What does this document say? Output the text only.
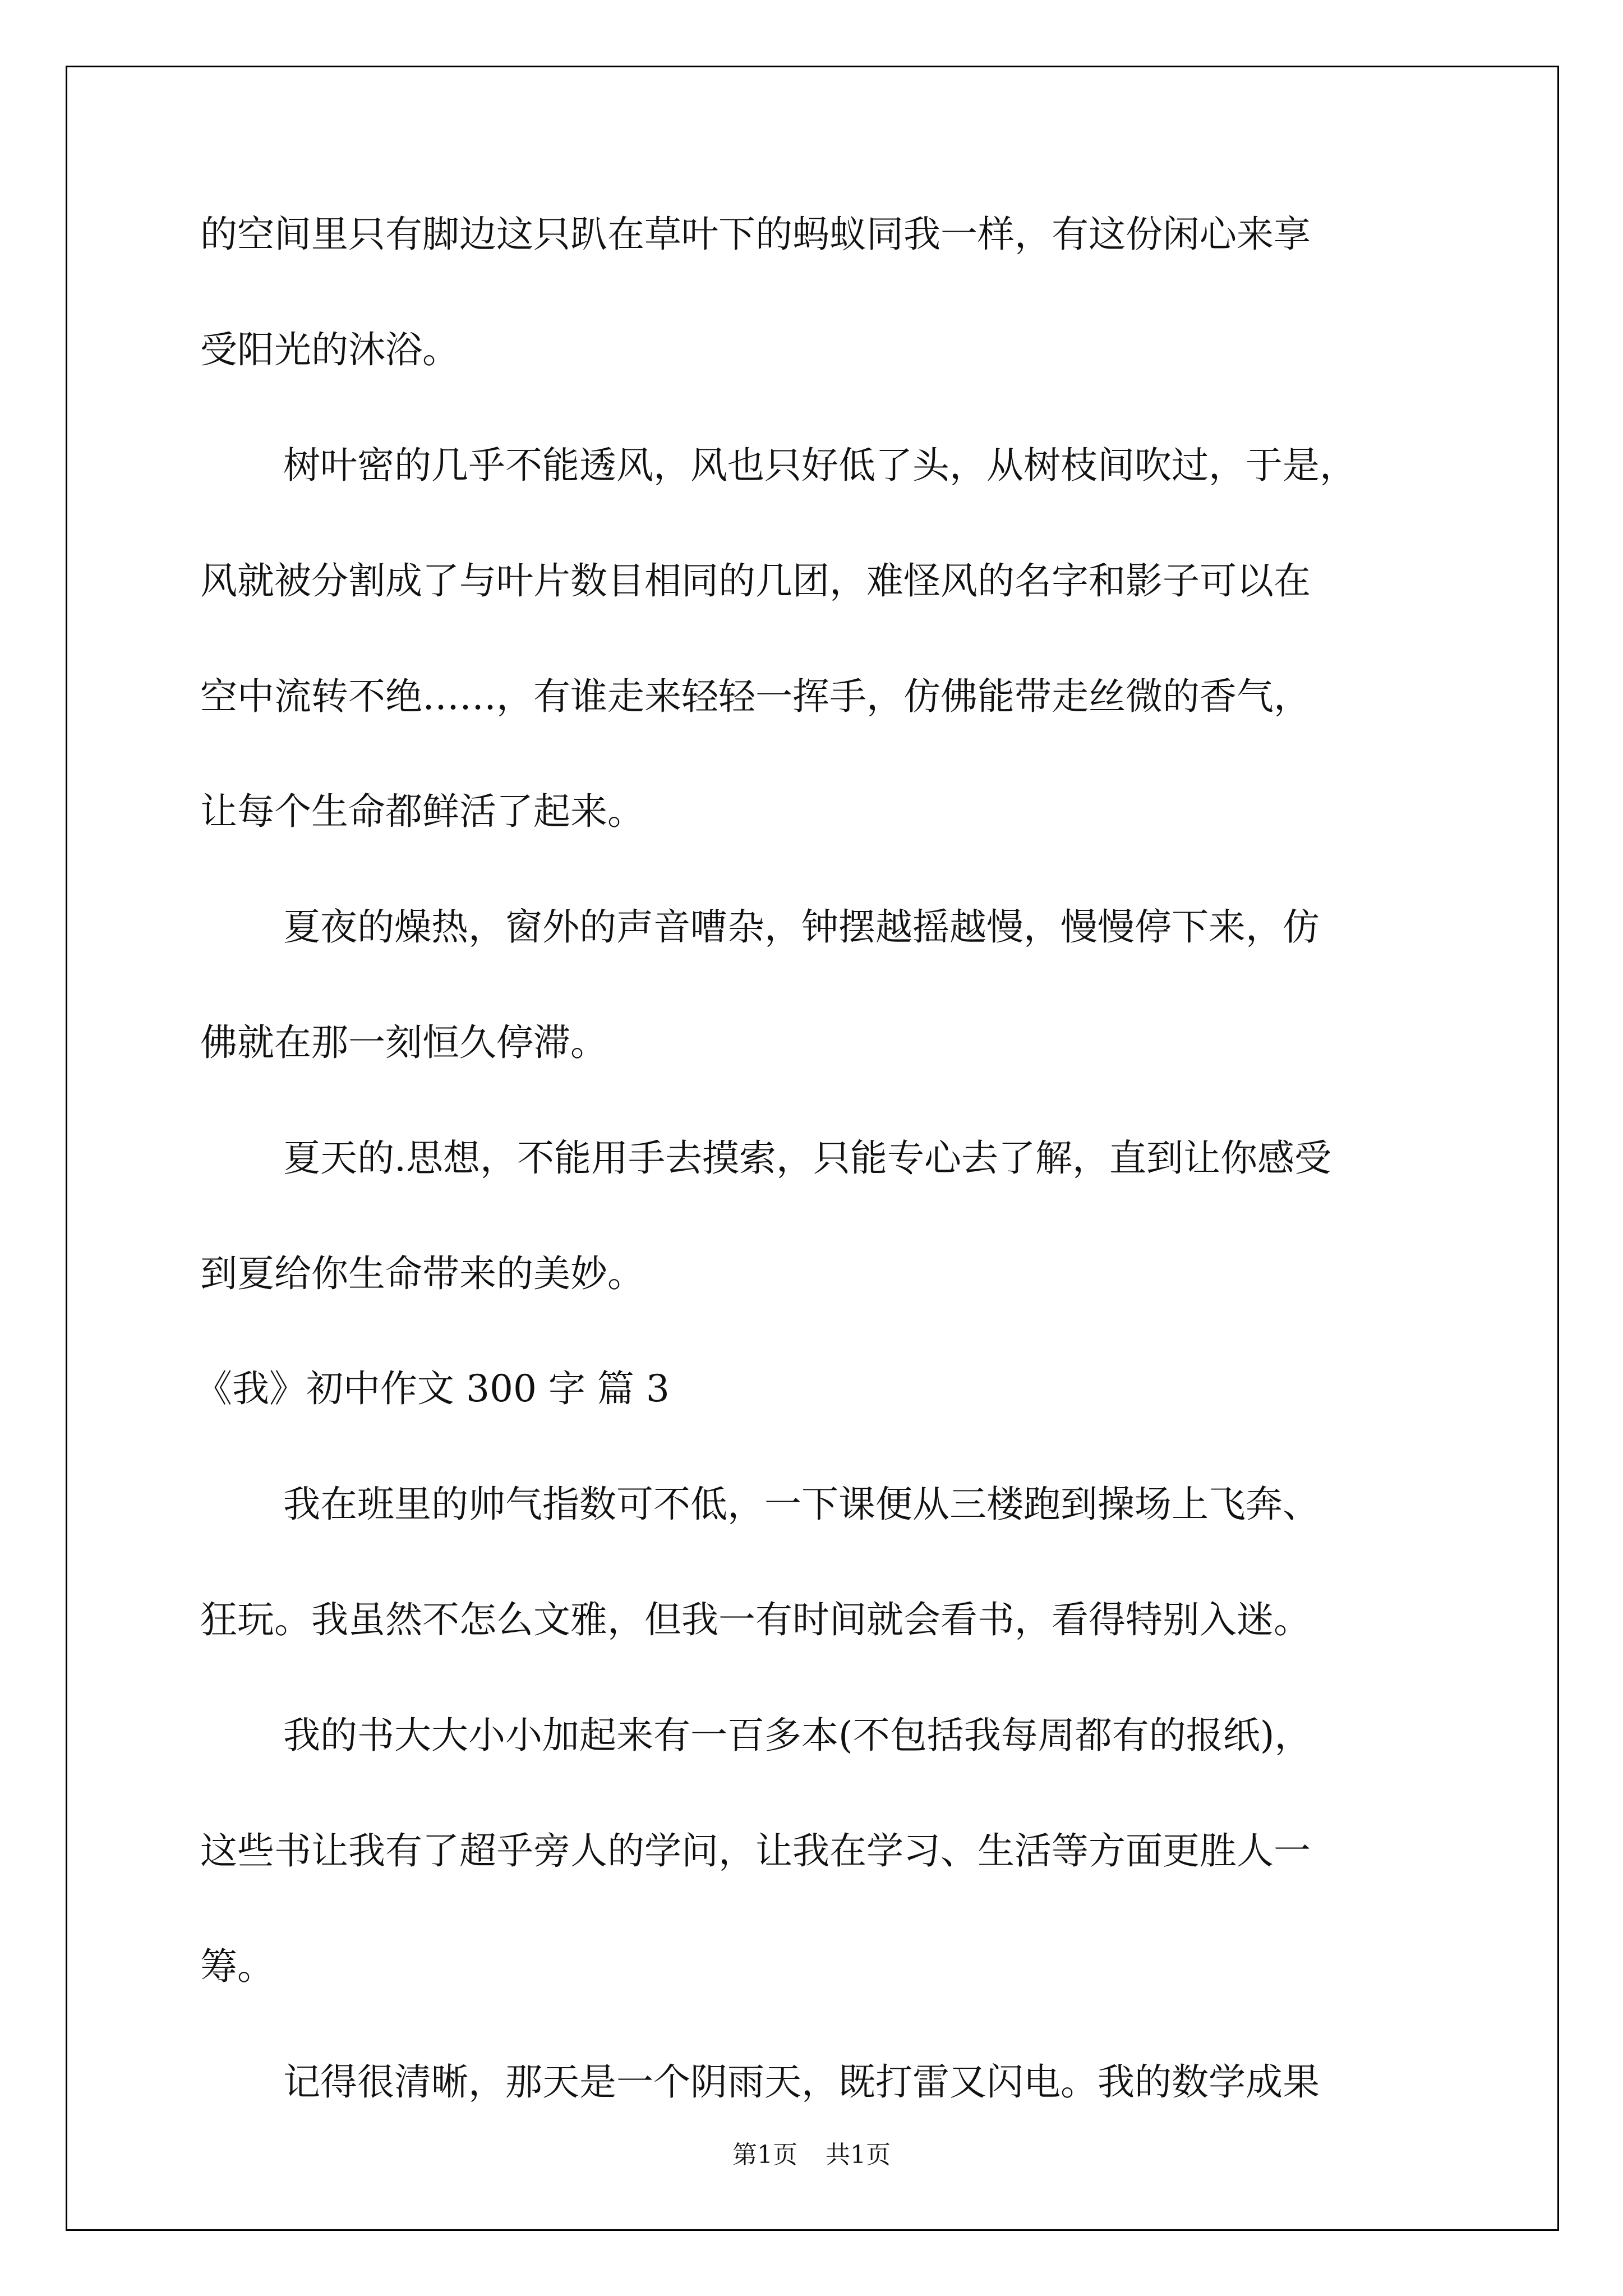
的空间里只有脚边这只趴在草叶下的蚂蚁同我一样，有这份闲心来享
受阳光的沐浴。
树叶密的几乎不能透风，风也只好低了头，从树枝间吹过，于是，
风就被分割成了与叶片数目相同的几团，难怪风的名字和影子可以在
空中流转不绝……，有谁走来轻轻一挥手，仿佛能带走丝微的香气，
让每个生命都鲜活了起来。
夏夜的燥热，窗外的声音嘈杂，钟摆越摇越慢，慢慢停下来，仿
佛就在那一刻恒久停滞。
夏天的.思想，不能用手去摸索，只能专心去了解，直到让你感受
到夏给你生命带来的美妙。
《我》初中作文 300 字 篇 3
我在班里的帅气指数可不低，一下课便从三楼跑到操场上飞奔、
狂玩。我虽然不怎么文雅，但我一有时间就会看书，看得特别入迷。
我的书大大小小加起来有一百多本(不包括我每周都有的报纸)，
这些书让我有了超乎旁人的学问，让我在学习、生活等方面更胜人一
筹。
记得很清晰，那天是一个阴雨天，既打雷又闪电。我的数学成果
第1页 共1页
